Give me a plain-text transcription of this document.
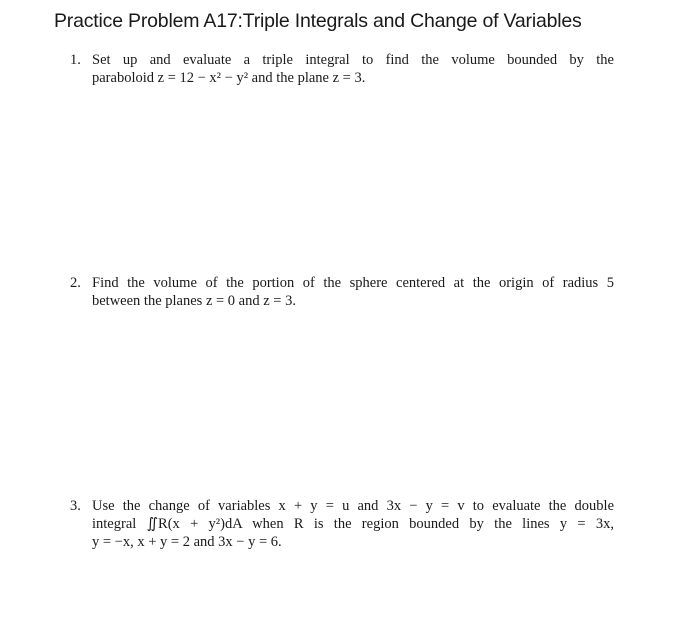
Practice Problem A17:Triple Integrals and Change of Variables
1. Set up and evaluate a triple integral to find the volume bounded by the
paraboloid z = 12 − x² − y² and the plane z = 3.
2. Find the volume of the portion of the sphere centered at the origin of radius 5
between the planes z = 0 and z = 3.
3. Use the change of variables x + y = u and 3x − y = v to evaluate the double
integral ∬R(x + y²)dA when R is the region bounded by the lines y = 3x,
y = −x, x + y = 2 and 3x − y = 6.
